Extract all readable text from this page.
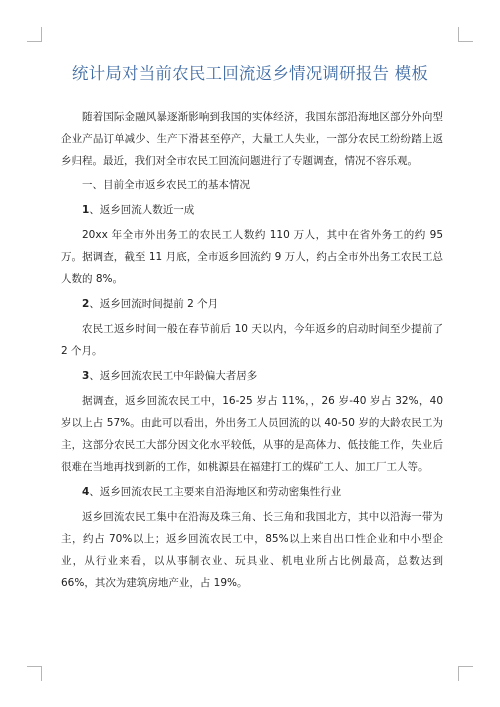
统计局对当前农民工回流返乡情况调研报告 模板

随着国际金融风暴逐渐影响到我国的实体经济，我国东部沿海地区部分外向型企业产品订单减少、生产下滑甚至停产，大量工人失业，一部分农民工纷纷踏上返乡归程。最近，我们对全市农民工回流问题进行了专题调查，情况不容乐观。

一、目前全市返乡农民工的基本情况

1、返乡回流人数近一成

20xx 年全市外出务工的农民工人数约 110 万人，其中在省外务工的约 95 万。据调查，截至 11 月底，全市返乡回流约 9 万人，约占全市外出务工农民工总人数的 8%。

2、返乡回流时间提前 2 个月

农民工返乡时间一般在春节前后 10 天以内，今年返乡的启动时间至少提前了 2 个月。

3、返乡回流农民工中年龄偏大者居多

据调查，返乡回流农民工中，16-25 岁占 11%，，26 岁-40 岁占 32%，40 岁以上占 57%。由此可以看出，外出务工人员回流的以 40-50 岁的大龄农民工为主，这部分农民工大部分因文化水平较低，从事的是高体力、低技能工作，失业后很难在当地再找到新的工作，如桃源县在福建打工的煤矿工人、加工厂工人等。

4、返乡回流农民工主要来自沿海地区和劳动密集性行业

返乡回流农民工集中在沿海及珠三角、长三角和我国北方，其中以沿海一带为主，约占 70%以上；返乡回流农民工中，85%以上来自出口性企业和中小型企业，从行业来看，以从事制衣业、玩具业、机电业所占比例最高，总数达到 66%，其次为建筑房地产业，占 19%。
